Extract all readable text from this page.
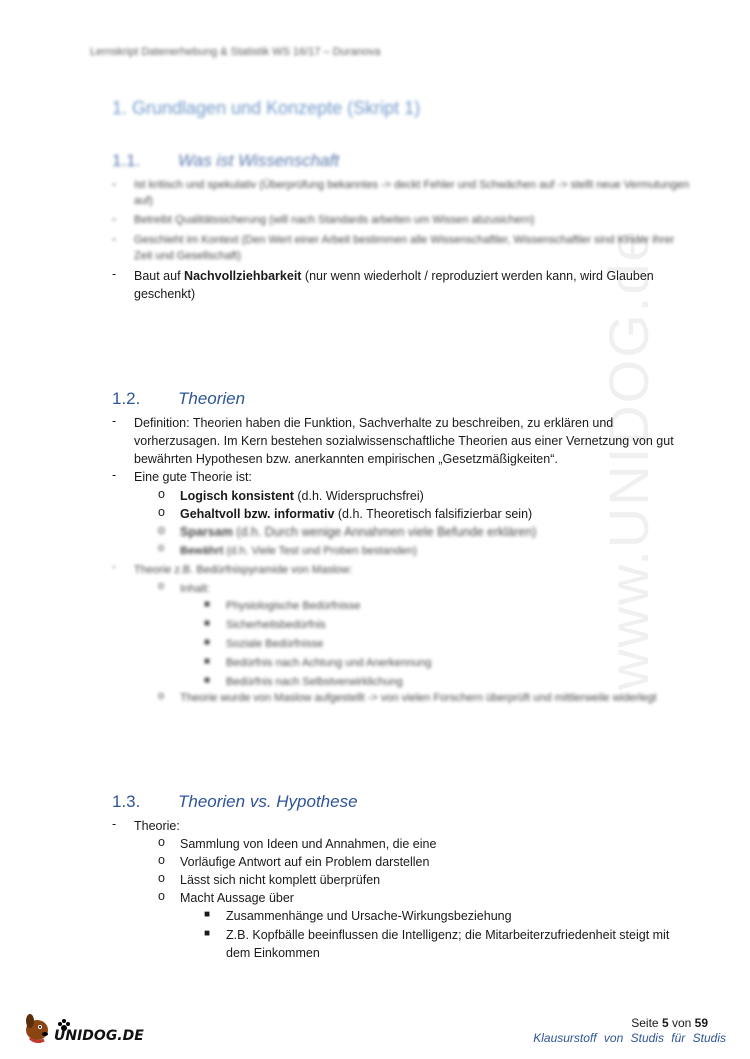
www.UNIDOG.de
Lernskript Datenerhebung & Statistik WS 16/17 – Duranova
1. Grundlagen und Konzepte (Skript 1)
1.1.	Was ist Wissenschaft
- Ist kritisch und spekulativ (Überprüfung bekanntes -> deckt Fehler und Schwächen auf -> stellt neue Vermutungen auf)
- Betreibt Qualitätssicherung (will nach Standards arbeiten um Wissen abzusichern)
- Geschieht im Kontext (Den Wert einer Arbeit bestimmen alle Wissenschaftler, Wissenschaftler sind Kinder ihrer Zeit und Gesellschaft)
- Baut auf Nachvollziehbarkeit (nur wenn wiederholt / reproduziert werden kann, wird Glauben geschenkt)
1.2.	Theorien
- Definition: Theorien haben die Funktion, Sachverhalte zu beschreiben, zu erklären und vorherzusagen. Im Kern bestehen sozialwissenschaftliche Theorien aus einer Vernetzung von gut bewährten Hypothesen bzw. anerkannten empirischen „Gesetzmäßigkeiten“.
- Eine gute Theorie ist:
o Logisch konsistent (d.h. Widerspruchsfrei)
o Gehaltvoll bzw. informativ (d.h. Theoretisch falsifizierbar sein)
o Sparsam (d.h. Durch wenige Annahmen viele Befunde erklären)
o Bewährt (d.h. Viele Test und Proben bestanden)
- Theorie z.B. Bedürfnispyramide von Maslow:
o Inhalt:
■ Physiologische Bedürfnisse
■ Sicherheitsbedürfnis
■ Soziale Bedürfnisse
■ Bedürfnis nach Achtung und Anerkennung
■ Bedürfnis nach Selbstverwirklichung
o Theorie wurde von Maslow aufgestellt -> von vielen Forschern überprüft und mittlerweile widerlegt
1.3.	Theorien vs. Hypothese
- Theorie:
o Sammlung von Ideen und Annahmen, die eine
o Vorläufige Antwort auf ein Problem darstellen
o Lässt sich nicht komplett überprüfen
o Macht Aussage über
■ Zusammenhänge und Ursache-Wirkungsbeziehung
■ Z.B. Kopfbälle beeinflussen die Intelligenz; die Mitarbeiterzufriedenheit steigt mit dem Einkommen
UNIDOG.DE
Seite 5 von 59
Klausurstoff von Studis für Studis
